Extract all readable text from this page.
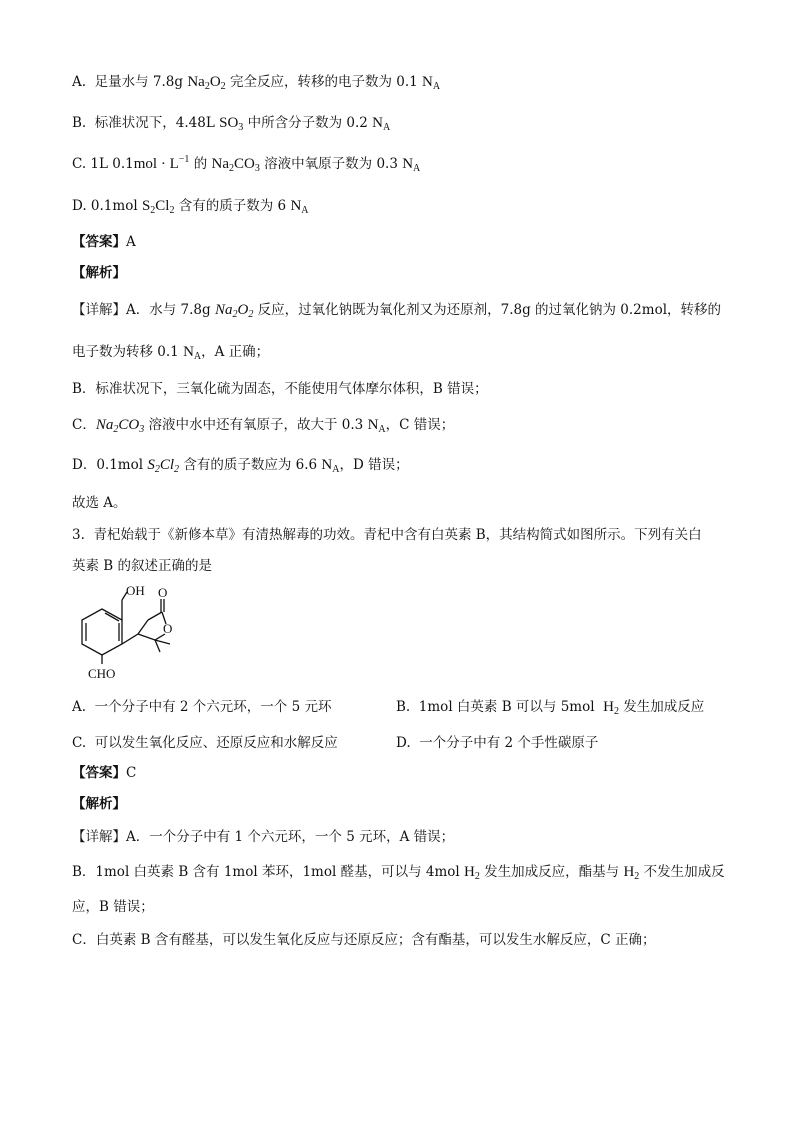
A.  足量水与 7.8g $Na_2O_2$ 完全反应，转移的电子数为 0.1 $N_A$
B.  标准状况下，4.48L $SO_3$ 中所含分子数为 0.2 $N_A$
C. 1L $0.1mol \cdot L^{-1}$ 的 $Na_2CO_3$ 溶液中氧原子数为 0.3 $N_A$
D. 0.1mol $S_2Cl_2$ 含有的质子数为 6 $N_A$
【答案】A
【解析】
【详解】A．水与 7.8g $Na_2O_2$ 反应，过氧化钠既为氧化剂又为还原剂，7.8g 的过氧化钠为 0.2mol，转移的
电子数为转移 0.1 $N_A$，A 正确；
B．标准状况下，三氧化硫为固态，不能使用气体摩尔体积，B 错误；
C．$Na_2CO_3$ 溶液中水中还有氧原子，故大于 0.3 $N_A$，C 错误；
D．0.1mol $S_2Cl_2$ 含有的质子数应为 6.6 $N_A$，D 错误；
故选 A。
3.  青杞始载于《新修本草》有清热解毒的功效。青杞中含有白英素 B，其结构简式如图所示。下列有关白
英素 B 的叙述正确的是
OH
O
O
CHO
A.  一个分子中有 2 个六元环，一个 5 元环	B.  1mol 白英素 B 可以与 5mol  $H_2$ 发生加成反应
C.  可以发生氧化反应、还原反应和水解反应	D.  一个分子中有 2 个手性碳原子
【答案】C
【解析】
【详解】A．一个分子中有 1 个六元环，一个 5 元环，A 错误；
B．1mol 白英素 B 含有 1mol 苯环，1mol 醛基，可以与 4mol $H_2$ 发生加成反应，酯基与 $H_2$ 不发生加成反
应，B 错误；
C．白英素 B 含有醛基，可以发生氧化反应与还原反应；含有酯基，可以发生水解反应，C 正确；
